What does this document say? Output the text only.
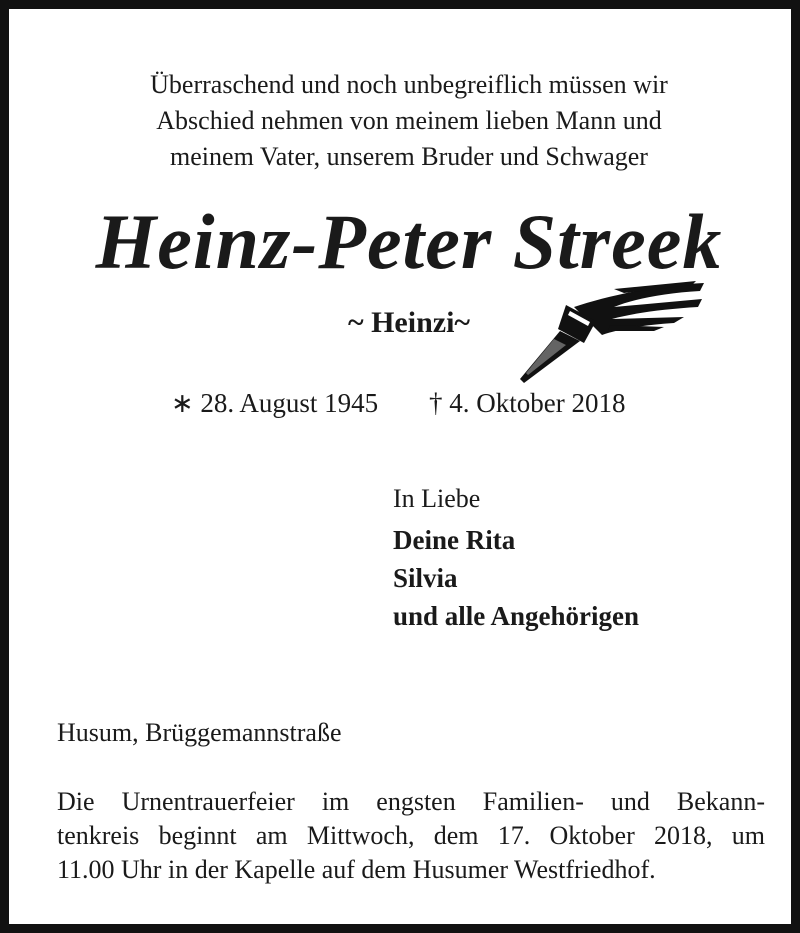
Überraschend und noch unbegreiflich müssen wir
Abschied nehmen von meinem lieben Mann und
meinem Vater, unserem Bruder und Schwager
Heinz-Peter Streek
~ Heinzi~
∗ 28. August 1945 † 4. Oktober 2018
In Liebe
Deine Rita
Silvia
und alle Angehörigen
Husum, Brüggemannstraße
Die Urnentrauerfeier im engsten Familien- und Bekann-
tenkreis beginnt am Mittwoch, dem 17. Oktober 2018, um
11.00 Uhr in der Kapelle auf dem Husumer Westfriedhof.
